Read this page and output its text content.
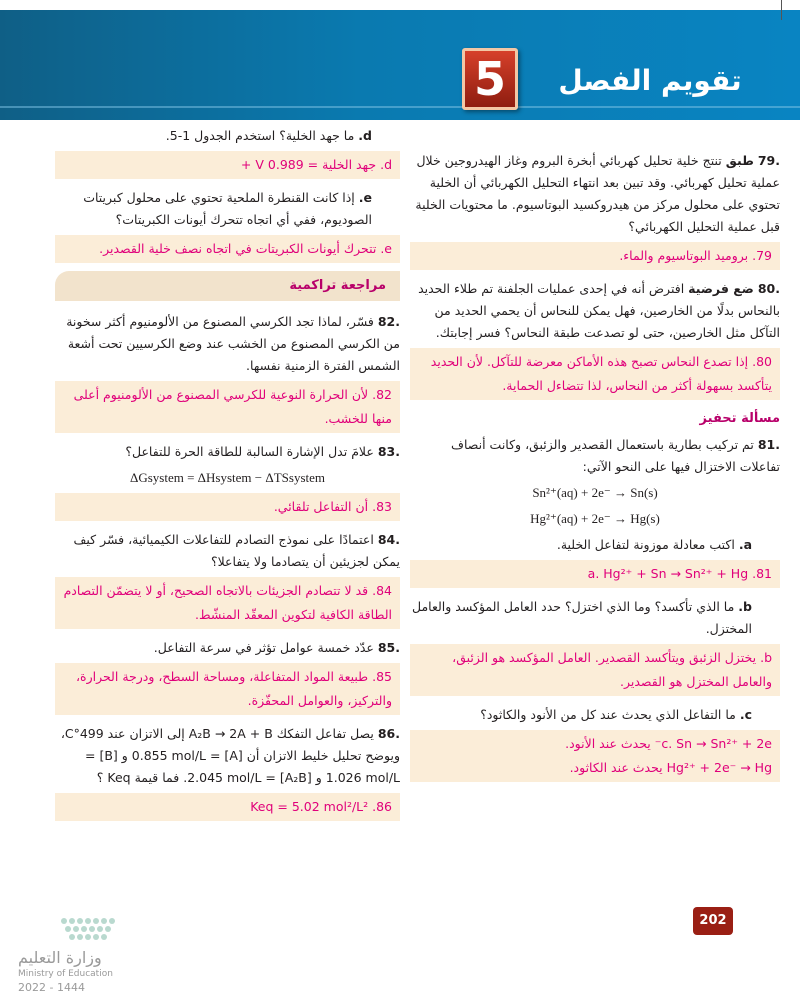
5	تقويم الفصل
79. طبق تنتج خلية تحليل كهربائي أبخرة البروم وغاز الهيدروجين خلال عملية تحليل كهربائي. وقد تبين بعد انتهاء التحليل الكهربائي أن الخلية تحتوي على محلول مركز من هيدروكسيد البوتاسيوم. ما محتويات الخلية قبل عملية التحليل الكهربائي؟
79. بروميد البوتاسيوم والماء.
80. ضع فرضية افترض أنه في إحدى عمليات الجلفنة تم طلاء الحديد بالنحاس بدلًا من الخارصين، فهل يمكن للنحاس أن يحمي الحديد من التآكل مثل الخارصين، حتى لو تصدعت طبقة النحاس؟ فسر إجابتك.
80. إذا تصدع النحاس تصبح هذه الأماكن معرضة للتآكل. لأن الحديد يتأكسد بسهولة أكثر من النحاس، لذا تتضاءل الحماية.
مسألة تحفيز
81. تم تركيب بطارية باستعمال القصدير والزئبق، وكانت أنصاف تفاعلات الاختزال فيها على النحو الآتي:
Sn²⁺(aq) + 2e⁻ → Sn(s)
Hg²⁺(aq) + 2e⁻ → Hg(s)
a. اكتب معادلة موزونة لتفاعل الخلية.
81. a. Hg²⁺ + Sn → Sn²⁺ + Hg
b. ما الذي تأكسد؟ وما الذي اختزل؟ حدد العامل المؤكسد والعامل المختزل.
b. يختزل الزئبق ويتأكسد القصدير. العامل المؤكسد هو الزئبق، والعامل المختزل هو القصدير.
c. ما التفاعل الذي يحدث عند كل من الأنود والكاثود؟
c. Sn → Sn²⁺ + 2e⁻ يحدث عند الأنود.
Hg²⁺ + 2e⁻ → Hg يحدث عند الكاثود.
d. ما جهد الخلية؟ استخدم الجدول 1-5.
d. جهد الخلية = 0.989 V +
e. إذا كانت القنطرة الملحية تحتوي على محلول كبريتات الصوديوم، ففي أي اتجاه تتحرك أيونات الكبريتات؟
e. تتحرك أيونات الكبريتات في اتجاه نصف خلية القصدير.
مراجعة تراكمية
82. فسّر، لماذا تجد الكرسي المصنوع من الألومنيوم أكثر سخونة من الكرسي المصنوع من الخشب عند وضع الكرسيين تحت أشعة الشمس الفترة الزمنية نفسها.
82. لأن الحرارة النوعية للكرسي المصنوع من الألومنيوم أعلى منها للخشب.
83. علامَ تدل الإشارة السالبة للطاقة الحرة للتفاعل؟
ΔGsystem = ΔHsystem − ΔTSsystem
83. أن التفاعل تلقائي.
84. اعتمادًا على نموذج التصادم للتفاعلات الكيميائية، فسّر كيف يمكن لجزيئين أن يتصادما ولا يتفاعلا؟
84. قد لا تتصادم الجزيئات بالاتجاه الصحيح، أو لا يتضمّن التصادم الطاقة الكافية لتكوين المعقّد المنشّط.
85. عدّد خمسة عوامل تؤثر في سرعة التفاعل.
85. طبيعة المواد المتفاعلة، ومساحة السطح، ودرجة الحرارة، والتركيز، والعوامل المحفّزة.
86. يصل تفاعل التفكك A₂B → 2A + B إلى الاتزان عند 499°C، ويوضح تحليل خليط الاتزان أن [A] = 0.855 mol/L و [B] = 1.026 mol/L و [A₂B] = 2.045 mol/L. فما قيمة Keq ؟
86. Keq = 5.02 mol²/L²
202
وزارة التعليم
Ministry of Education
2022 - 1444
